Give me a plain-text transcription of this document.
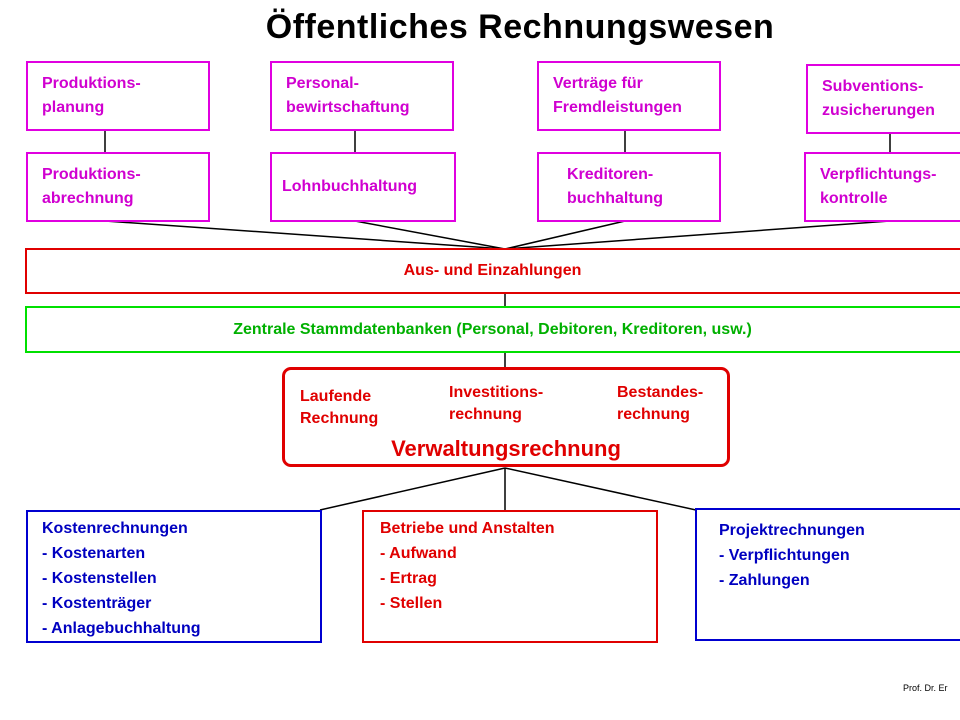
Öffentliches Rechnungswesen
Produktions-
planung
Personal-
bewirtschaftung
Verträge für
Fremdleistungen
Subventions-
zusicherungen
Produktions-
abrechnung
Lohnbuchhaltung
Kreditoren-
buchhaltung
Verpflichtungs-
kontrolle
Aus- und Einzahlungen
Zentrale Stammdatenbanken (Personal, Debitoren, Kreditoren, usw.)
Laufende
Rechnung
Investitions-
rechnung
Bestandes-
rechnung
Verwaltungsrechnung
Kostenrechnungen
- Kostenarten
- Kostenstellen
- Kostenträger
- Anlagebuchhaltung
Betriebe und Anstalten
- Aufwand
- Ertrag
- Stellen
Projektrechnungen
- Verpflichtungen
- Zahlungen
Prof. Dr. Er
